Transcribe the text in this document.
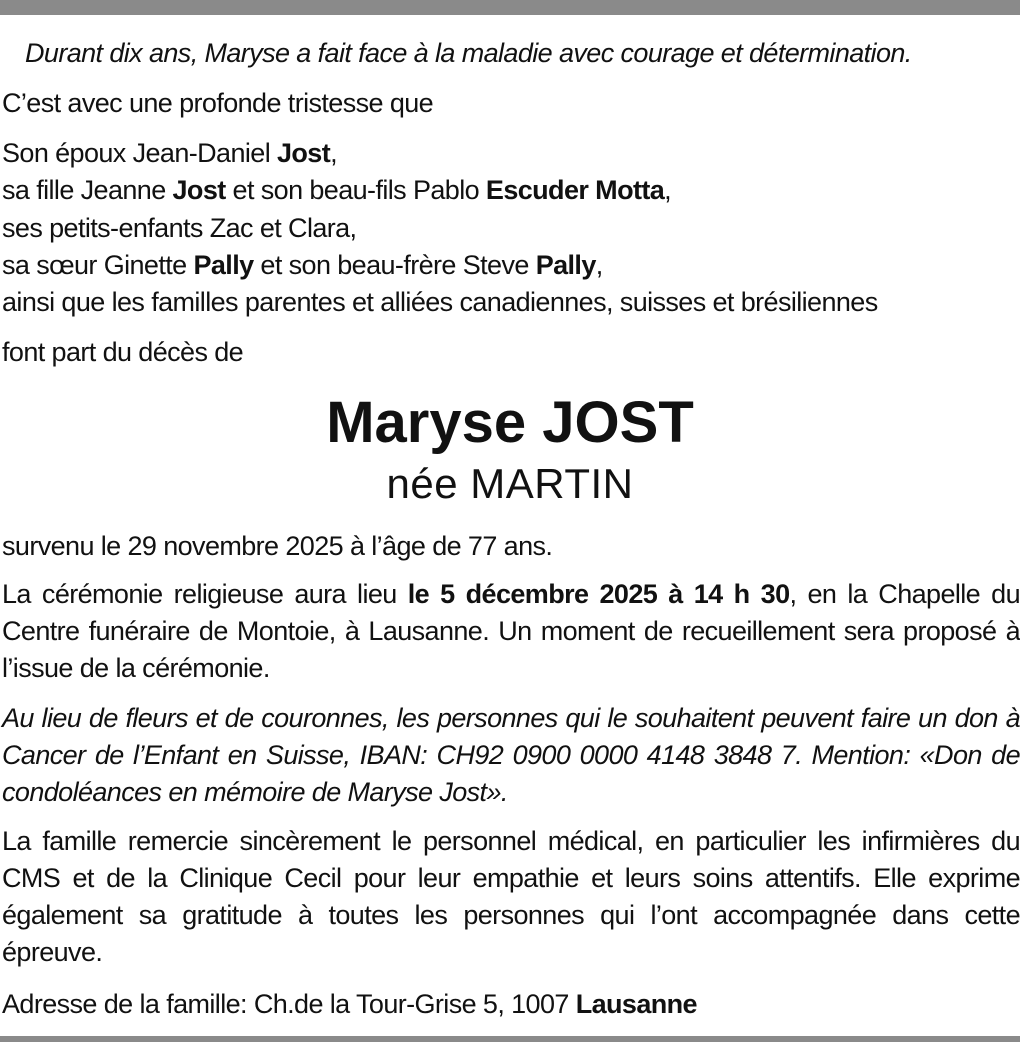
Durant dix ans, Maryse a fait face à la maladie avec courage et détermination.
C’est avec une profonde tristesse que
Son époux Jean-Daniel Jost,
sa fille Jeanne Jost et son beau-fils Pablo Escuder Motta,
ses petits-enfants Zac et Clara,
sa sœur Ginette Pally et son beau-frère Steve Pally,
ainsi que les familles parentes et alliées canadiennes, suisses et brésiliennes
font part du décès de
Maryse JOST
née MARTIN
survenu le 29 novembre 2025 à l’âge de 77 ans.
La cérémonie religieuse aura lieu le 5 décembre 2025 à 14 h 30, en la Chapelle du Centre funéraire de Montoie, à Lausanne. Un moment de recueillement sera proposé à l’issue de la cérémonie.
Au lieu de fleurs et de couronnes, les personnes qui le souhaitent peuvent faire un don à Cancer de l’Enfant en Suisse, IBAN: CH92 0900 0000 4148 3848 7. Mention: «Don de condoléances en mémoire de Maryse Jost».
La famille remercie sincèrement le personnel médical, en particulier les infirmières du CMS et de la Clinique Cecil pour leur empathie et leurs soins attentifs. Elle exprime également sa gratitude à toutes les personnes qui l’ont accompagnée dans cette épreuve.
Adresse de la famille: Ch.de la Tour-Grise 5, 1007 Lausanne
